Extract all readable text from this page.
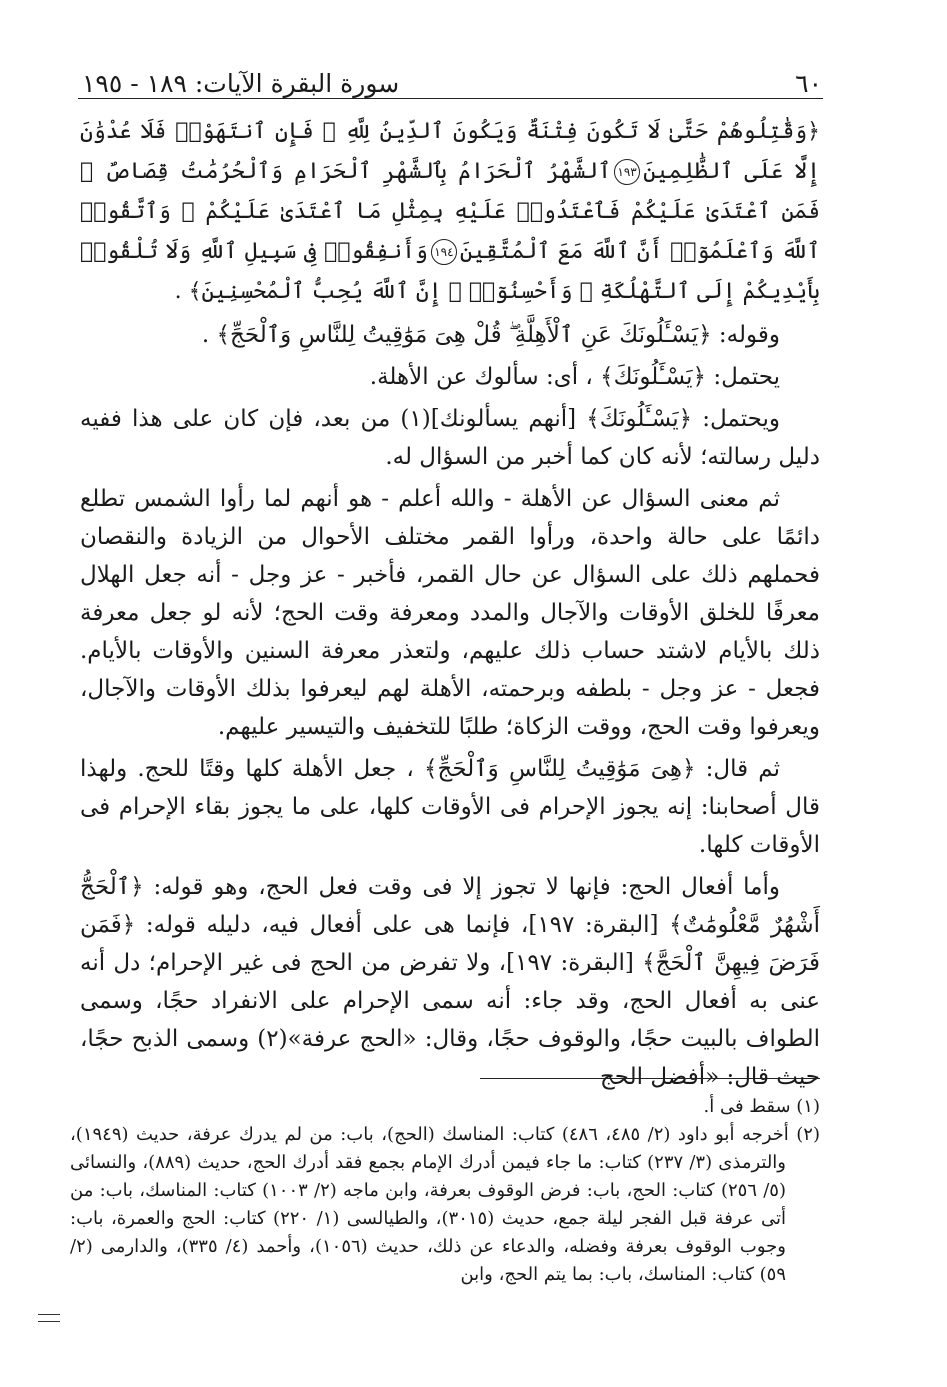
٦٠
سورة البقرة الآيات: ١٨٩ - ١٩٥

﴿وَقَٰتِلُوهُمْ حَتَّىٰ لَا تَكُونَ فِتْنَةٌ وَيَكُونَ ٱلدِّينُ لِلَّهِ ۖ فَإِنِ ٱنتَهَوْا۟ فَلَا عُدْوَٰنَ إِلَّا عَلَى ٱلظَّٰلِمِينَ١٩٣ٱلشَّهْرُ ٱلْحَرَامُ بِٱلشَّهْرِ ٱلْحَرَامِ وَٱلْحُرُمَٰتُ قِصَاصٌ ۚ فَمَنِ ٱعْتَدَىٰ عَلَيْكُمْ فَٱعْتَدُوا۟ عَلَيْهِ بِمِثْلِ مَا ٱعْتَدَىٰ عَلَيْكُمْ ۚ وَٱتَّقُوا۟ ٱللَّهَ وَٱعْلَمُوٓا۟ أَنَّ ٱللَّهَ مَعَ ٱلْمُتَّقِينَ١٩٤وَأَنفِقُوا۟ فِى سَبِيلِ ٱللَّهِ وَلَا تُلْقُوا۟ بِأَيْدِيكُمْ إِلَى ٱلتَّهْلُكَةِ ۛ وَأَحْسِنُوٓا۟ ۛ إِنَّ ٱللَّهَ يُحِبُّ ٱلْمُحْسِنِينَ﴾ .

وقوله: ﴿يَسْـَٔلُونَكَ عَنِ ٱلْأَهِلَّةِ ۖ قُلْ هِىَ مَوَٰقِيتُ لِلنَّاسِ وَٱلْحَجِّ﴾ .

يحتمل: ﴿يَسْـَٔلُونَكَ﴾ ، أى: سألوك عن الأهلة.

ويحتمل: ﴿يَسْـَٔلُونَكَ﴾ [أنهم يسألونك](١) من بعد، فإن كان على هذا ففيه دليل رسالته؛ لأنه كان كما أخبر من السؤال له.

ثم معنى السؤال عن الأهلة - والله أعلم - هو أنهم لما رأوا الشمس تطلع دائمًا على حالة واحدة، ورأوا القمر مختلف الأحوال من الزيادة والنقصان فحملهم ذلك على السؤال عن حال القمر، فأخبر - عز وجل - أنه جعل الهلال معرفًا للخلق الأوقات والآجال والمدد ومعرفة وقت الحج؛ لأنه لو جعل معرفة ذلك بالأيام لاشتد حساب ذلك عليهم، ولتعذر معرفة السنين والأوقات بالأيام. فجعل - عز وجل - بلطفه وبرحمته، الأهلة لهم ليعرفوا بذلك الأوقات والآجال، ويعرفوا وقت الحج، ووقت الزكاة؛ طلبًا للتخفيف والتيسير عليهم.

ثم قال: ﴿هِىَ مَوَٰقِيتُ لِلنَّاسِ وَٱلْحَجِّ﴾ ، جعل الأهلة كلها وقتًا للحج. ولهذا قال أصحابنا: إنه يجوز الإحرام فى الأوقات كلها، على ما يجوز بقاء الإحرام فى الأوقات كلها.

وأما أفعال الحج: فإنها لا تجوز إلا فى وقت فعل الحج، وهو قوله: ﴿ٱلْحَجُّ أَشْهُرٌ مَّعْلُومَٰتٌ﴾ [البقرة: ١٩٧]، فإنما هى على أفعال فيه، دليله قوله: ﴿فَمَن فَرَضَ فِيهِنَّ ٱلْحَجَّ﴾ [البقرة: ١٩٧]، ولا تفرض من الحج فى غير الإحرام؛ دل أنه عنى به أفعال الحج، وقد جاء: أنه سمى الإحرام على الانفراد حجًا، وسمى الطواف بالبيت حجًا، والوقوف حجًا، وقال: «الحج عرفة»(٢) وسمى الذبح حجًا، حيث قال: «أفضل الحج

(١) سقط فى أ.

(٢) أخرجه أبو داود (٢/ ٤٨٥، ٤٨٦) كتاب: المناسك (الحج)، باب: من لم يدرك عرفة، حديث (١٩٤٩)، والترمذى (٣/ ٢٣٧) كتاب: ما جاء فيمن أدرك الإمام بجمع فقد أدرك الحج، حديث (٨٨٩)، والنسائى (٥/ ٢٥٦) كتاب: الحج، باب: فرض الوقوف بعرفة، وابن ماجه (٢/ ١٠٠٣) كتاب: المناسك، باب: من أتى عرفة قبل الفجر ليلة جمع، حديث (٣٠١٥)، والطيالسى (١/ ٢٢٠) كتاب: الحج والعمرة، باب: وجوب الوقوف بعرفة وفضله، والدعاء عن ذلك، حديث (١٠٥٦)، وأحمد (٤/ ٣٣٥)، والدارمى (٢/ ٥٩) كتاب: المناسك، باب: بما يتم الحج، وابن
